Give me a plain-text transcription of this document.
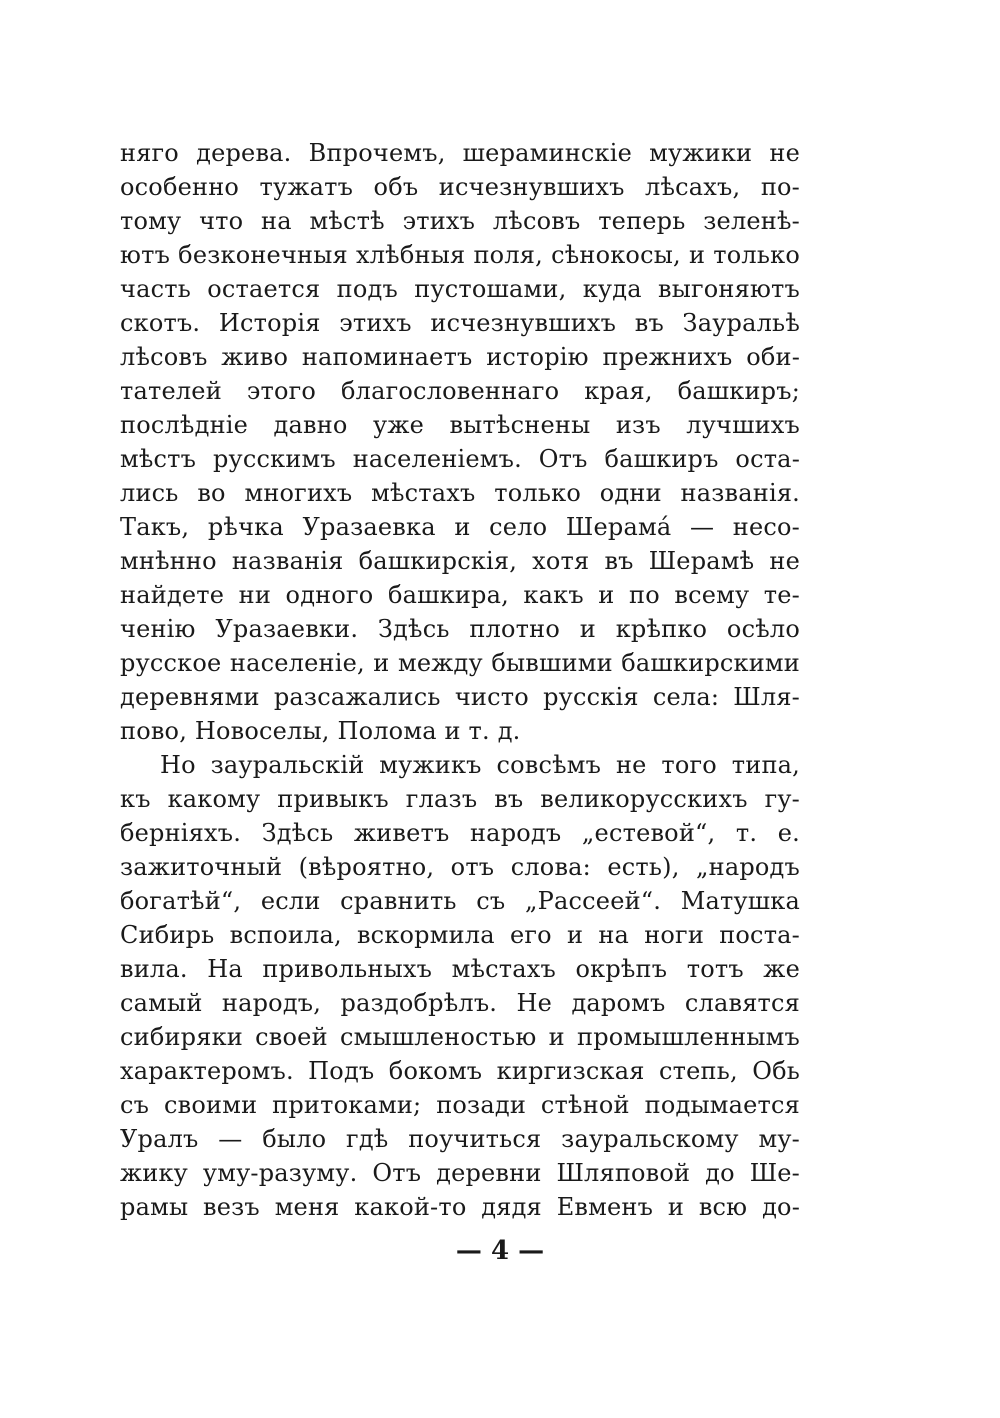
няго дерева. Впрочемъ, шераминскіе мужики не
особенно тужатъ объ исчезнувшихъ лѣсахъ, по-
тому что на мѣстѣ этихъ лѣсовъ теперь зеленѣ-
ютъ безконечныя хлѣбныя поля, сѣнокосы, и только
часть остается подъ пустошами, куда выгоняютъ
скотъ. Исторія этихъ исчезнувшихъ въ Зауральѣ
лѣсовъ живо напоминаетъ исторію прежнихъ оби-
тателей этого благословеннаго края, башкиръ;
послѣдніе давно уже вытѣснены изъ лучшихъ
мѣстъ русскимъ населеніемъ. Отъ башкиръ оста-
лись во многихъ мѣстахъ только одни названія.
Такъ, рѣчка Уразаевка и село Шерама́ — несо-
мнѣнно названія башкирскія, хотя въ Шерамѣ не
найдете ни одного башкира, какъ и по всему те-
ченію Уразаевки. Здѣсь плотно и крѣпко осѣло
русское населеніе, и между бывшими башкирскими
деревнями разсажались чисто русскія села: Шля-
пово, Новоселы, Полома и т. д.
Но зауральскій мужикъ совсѣмъ не того типа,
къ какому привыкъ глазъ въ великорусскихъ гу-
берніяхъ. Здѣсь живетъ народъ „естевой“, т. е.
зажиточный (вѣроятно, отъ слова: есть), „народъ
богатѣй“, если сравнить съ „Рассеей“. Матушка
Сибирь вспоила, вскормила его и на ноги поста-
вила. На привольныхъ мѣстахъ окрѣпъ тотъ же
самый народъ, раздобрѣлъ. Не даромъ славятся
сибиряки своей смышленостью и промышленнымъ
характеромъ. Подъ бокомъ киргизская степь, Обь
съ своими притоками; позади стѣной подымается
Уралъ — было гдѣ поучиться зауральскому му-
жику уму-разуму. Отъ деревни Шляповой до Ше-
рамы везъ меня какой-то дядя Евменъ и всю до-
— 4 —
